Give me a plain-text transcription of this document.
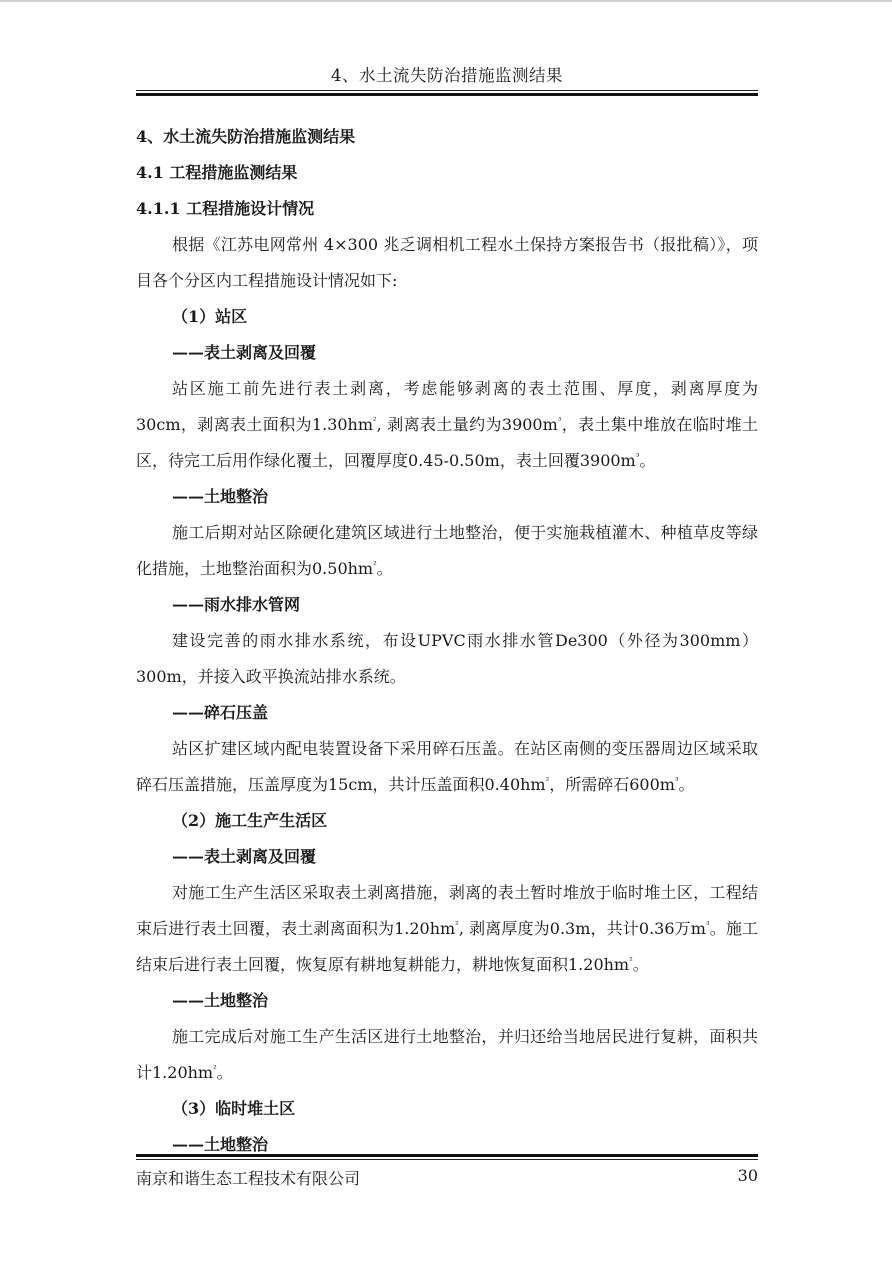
4、水土流失防治措施监测结果

4、水土流失防治措施监测结果

4.1 工程措施监测结果

4.1.1 工程措施设计情况

根据《江苏电网常州 4×300 兆乏调相机工程水土保持方案报告书（报批稿）》，项目各个分区内工程措施设计情况如下:

（1）站区

——表土剥离及回覆

站区施工前先进行表土剥离，考虑能够剥离的表土范围、厚度，剥离厚度为30cm，剥离表土面积为$1.30hm^{^2}$, 剥离表土量约为$3900m^{^3}$，表土集中堆放在临时堆土区，待完工后用作绿化覆土，回覆厚度0.45-0.50m，表土回覆$3900m^{^3}$。

——土地整治

施工后期对站区除硬化建筑区域进行土地整治，便于实施栽植灌木、种植草皮等绿化措施，土地整治面积为$0.50hm^{^2}$。

——雨水排水管网

建设完善的雨水排水系统，布设UPVC雨水排水管De300（外径为300mm）300m，并接入政平换流站排水系统。

——碎石压盖

站区扩建区域内配电装置设备下采用碎石压盖。在站区南侧的变压器周边区域采取碎石压盖措施，压盖厚度为15cm，共计压盖面积$0.40hm^{^2}$，所需碎石$600m^{^3}$。

（2）施工生产生活区

——表土剥离及回覆

对施工生产生活区采取表土剥离措施，剥离的表土暂时堆放于临时堆土区，工程结束后进行表土回覆，表土剥离面积为$1.20hm^{^2}$, 剥离厚度为0.3m，共计0.36万$m^{^3}$。施工结束后进行表土回覆，恢复原有耕地复耕能力，耕地恢复面积$1.20hm^{^2}$。

——土地整治

施工完成后对施工生产生活区进行土地整治，并归还给当地居民进行复耕，面积共计$1.20hm^{^2}$。

（3）临时堆土区

——土地整治

南京和谐生态工程技术有限公司	30
